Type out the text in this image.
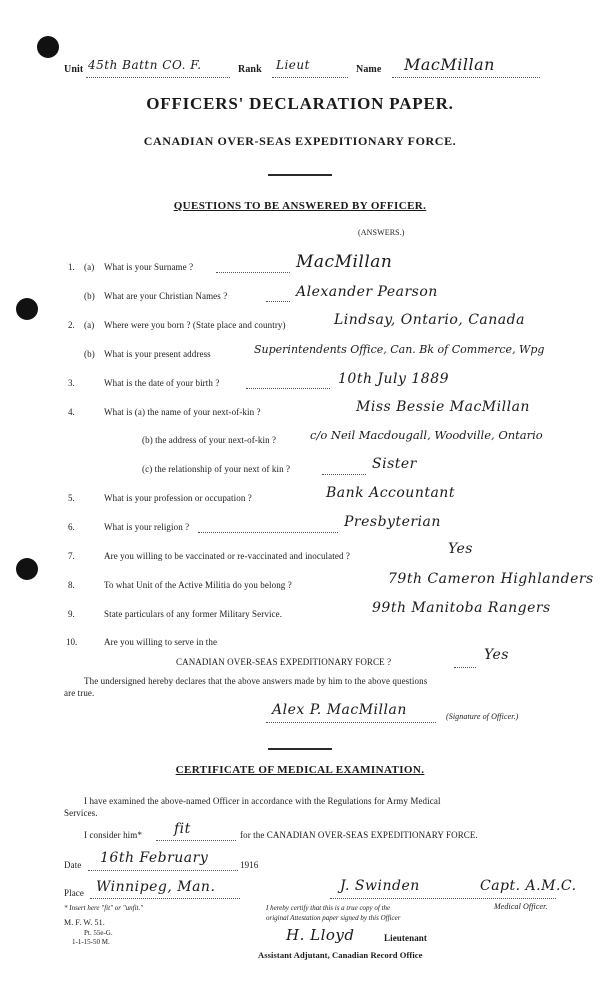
Unit 45th Battn CO. F.	Rank Lieut	Name MacMillan
OFFICERS' DECLARATION PAPER.
CANADIAN OVER-SEAS EXPEDITIONARY FORCE.
QUESTIONS TO BE ANSWERED BY OFFICER.
(ANSWERS.)
1. (a) What is your Surname ?	MacMillan
(b) What are your Christian Names ?	Alexander Pearson
2. (a) Where were you born ? (State place and country)	Lindsay, Ontario, Canada
(b) What is your present address	Superintendents Office, Can. Bk of Commerce, Wpg
3.	What is the date of your birth ?	10th July 1889
4.	What is (a) the name of your next-of-kin ?	Miss Bessie MacMillan
(b) the address of your next-of-kin ?	c/o Neil Macdougall, Woodville, Ontario
(c) the relationship of your next of kin ?	Sister
5.	What is your profession or occupation ?	Bank Accountant
6.	What is your religion ?	Presbyterian
7.	Are you willing to be vaccinated or re-vaccinated and inoculated ?	Yes
8.	To what Unit of the Active Militia do you belong ?	79th Cameron Highlanders
9.	State particulars of any former Military Service.	99th Manitoba Rangers
10.	Are you willing to serve in the
CANADIAN OVER-SEAS EXPEDITIONARY FORCE ?	Yes
The undersigned hereby declares that the above answers made by him to the above questions
are true.
Alex P. MacMillan	(Signature of Officer.)
CERTIFICATE OF MEDICAL EXAMINATION.
I have examined the above-named Officer in accordance with the Regulations for Army Medical
Services.
I consider him* fit	for the CANADIAN OVER-SEAS EXPEDITIONARY FORCE.
Date 16th February	1916
Place Winnipeg, Man.	J. Swinden	Capt. A.M.C.
Medical Officer.
* Insert here "fit" or "unfit."
M. F. W. 51.
Pt. 55e-G.
1-1-15-50 M.
I hereby certify that this is a true copy of the
original Attestation paper signed by this Officer
H. Lloyd	Lieutenant
Assistant Adjutant, Canadian Record Office
